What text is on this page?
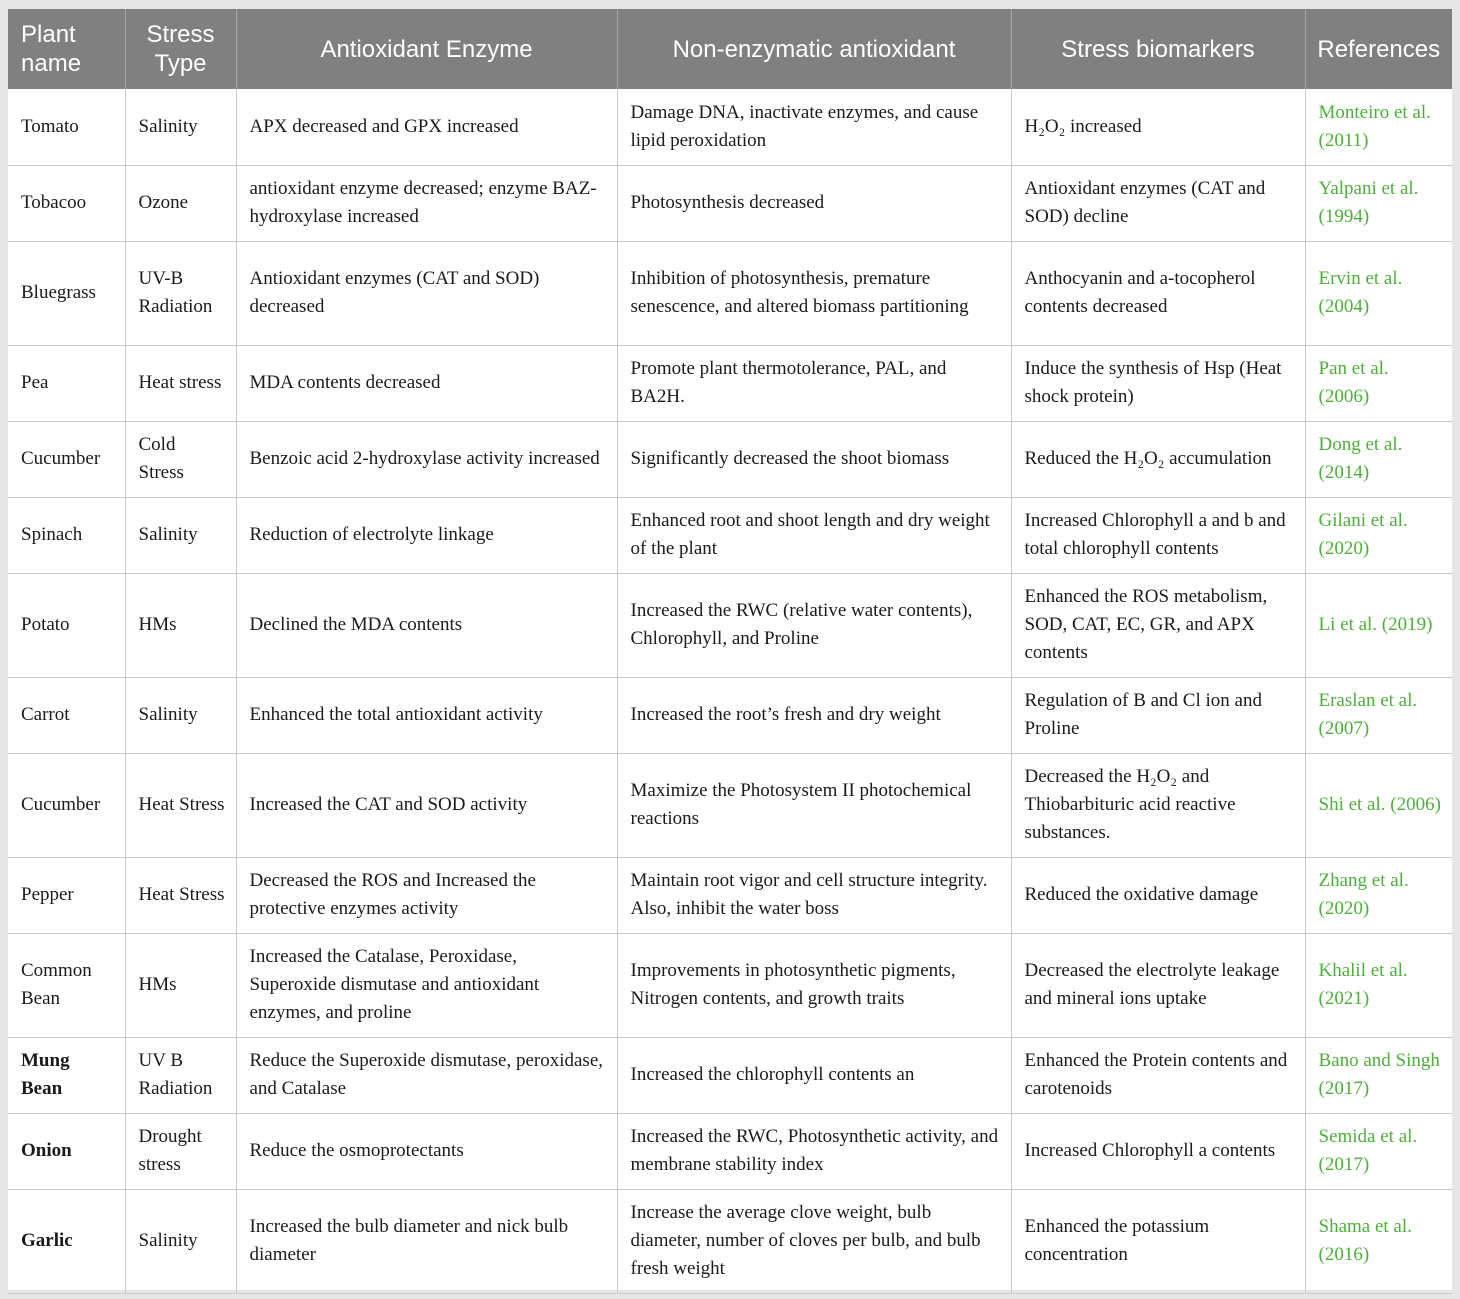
Plant name	Stress Type	Antioxidant Enzyme	Non-enzymatic antioxidant	Stress biomarkers	References
Tomato	Salinity	APX decreased and GPX increased	Damage DNA, inactivate enzymes, and cause lipid peroxidation	H₂O₂ increased	Monteiro et al. (2011)
Tobacoo	Ozone	antioxidant enzyme decreased; enzyme BAZ-hydroxylase increased	Photosynthesis decreased	Antioxidant enzymes (CAT and SOD) decline	Yalpani et al. (1994)
Bluegrass	UV-B Radiation	Antioxidant enzymes (CAT and SOD) decreased	Inhibition of photosynthesis, premature senescence, and altered biomass partitioning	Anthocyanin and a-tocopherol contents decreased	Ervin et al. (2004)
Pea	Heat stress	MDA contents decreased	Promote plant thermotolerance, PAL, and BA2H.	Induce the synthesis of Hsp (Heat shock protein)	Pan et al. (2006)
Cucumber	Cold Stress	Benzoic acid 2-hydroxylase activity increased	Significantly decreased the shoot biomass	Reduced the H₂O₂ accumulation	Dong et al. (2014)
Spinach	Salinity	Reduction of electrolyte linkage	Enhanced root and shoot length and dry weight of the plant	Increased Chlorophyll a and b and total chlorophyll contents	Gilani et al. (2020)
Potato	HMs	Declined the MDA contents	Increased the RWC (relative water contents), Chlorophyll, and Proline	Enhanced the ROS metabolism, SOD, CAT, EC, GR, and APX contents	Li et al. (2019)
Carrot	Salinity	Enhanced the total antioxidant activity	Increased the root’s fresh and dry weight	Regulation of B and Cl ion and Proline	Eraslan et al. (2007)
Cucumber	Heat Stress	Increased the CAT and SOD activity	Maximize the Photosystem II photochemical reactions	Decreased the H₂O₂ and Thiobarbituric acid reactive substances.	Shi et al. (2006)
Pepper	Heat Stress	Decreased the ROS and Increased the protective enzymes activity	Maintain root vigor and cell structure integrity. Also, inhibit the water boss	Reduced the oxidative damage	Zhang et al. (2020)
Common Bean	HMs	Increased the Catalase, Peroxidase, Superoxide dismutase and antioxidant enzymes, and proline	Improvements in photosynthetic pigments, Nitrogen contents, and growth traits	Decreased the electrolyte leakage and mineral ions uptake	Khalil et al. (2021)
Mung Bean	UV B Radiation	Reduce the Superoxide dismutase, peroxidase, and Catalase	Increased the chlorophyll contents an	Enhanced the Protein contents and carotenoids	Bano and Singh (2017)
Onion	Drought stress	Reduce the osmoprotectants	Increased the RWC, Photosynthetic activity, and membrane stability index	Increased Chlorophyll a contents	Semida et al. (2017)
Garlic	Salinity	Increased the bulb diameter and nick bulb diameter	Increase the average clove weight, bulb diameter, number of cloves per bulb, and bulb fresh weight	Enhanced the potassium concentration	Shama et al. (2016)
